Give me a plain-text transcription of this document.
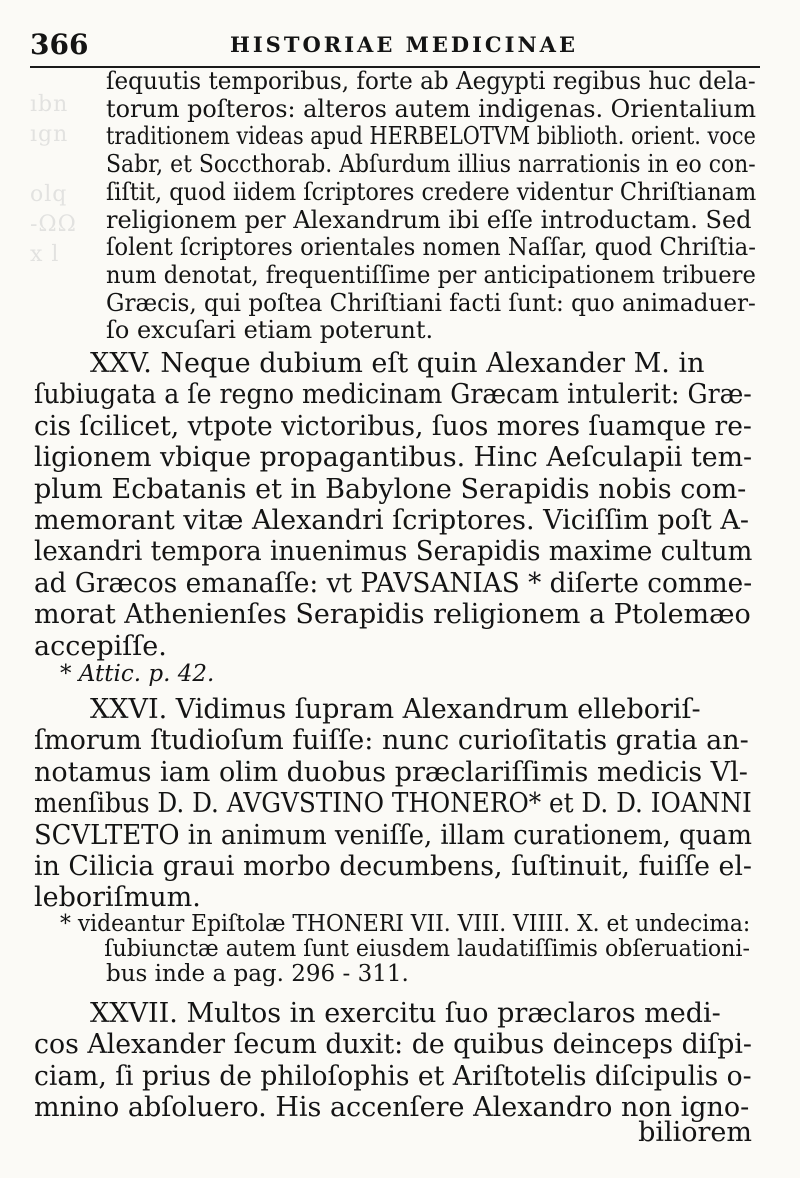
ıbn
ıgn

olq
-ΩΩ
x l
366	HISTORIAE MEDICINAE
ſequutis temporibus, forte ab Aegypti regibus huc dela-
torum poſteros: alteros autem indigenas. Orientalium
traditionem videas apud HERBELOTVM biblioth. orient. voce
Sabr, et Soccthorab. Abſurdum illius narrationis in eo con-
ſiſtit, quod iidem ſcriptores credere videntur Chriſtianam
religionem per Alexandrum ibi eſſe introductam. Sed
ſolent ſcriptores orientales nomen Naſſar, quod Chriſtia-
num denotat, frequentiſſime per anticipationem tribuere
Græcis, qui poſtea Chriſtiani facti ſunt: quo animaduer-
ſo excuſari etiam poterunt.
XXV. Neque dubium eſt quin Alexander M. in
ſubiugata a ſe regno medicinam Græcam intulerit: Græ-
cis ſcilicet, vtpote victoribus, ſuos mores ſuamque re-
ligionem vbique propagantibus. Hinc Aeſculapii tem-
plum Ecbatanis et in Babylone Serapidis nobis com-
memorant vitæ Alexandri ſcriptores. Viciſſim poſt A-
lexandri tempora inuenimus Serapidis maxime cultum
ad Græcos emanaſſe: vt PAVSANIAS * diſerte comme-
morat Athenienſes Serapidis religionem a Ptolemæo
accepiſſe.
* Attic. p. 42.
XXVI. Vidimus ſupram Alexandrum elleboriſ-
ſmorum ſtudioſum fuiſſe: nunc curioſitatis gratia an-
notamus iam olim duobus præclariſſimis medicis Vl-
menſibus D. D. AVGVSTINO THONERO* et D. D. IOANNI
SCVLTETO in animum veniſſe, illam curationem, quam
in Cilicia graui morbo decumbens, ſuſtinuit, fuiſſe el-
leboriſmum.
* videantur Epiſtolæ THONERI VII. VIII. VIIII. X. et undecima:
ſubiunctæ autem ſunt eiusdem laudatiſſimis obſeruationi-
bus inde a pag. 296 - 311.
XXVII. Multos in exercitu ſuo præclaros medi-
cos Alexander ſecum duxit: de quibus deinceps diſpi-
ciam, ſi prius de philoſophis et Ariſtotelis diſcipulis o-
mnino abſoluero. His accenſere Alexandro non igno-
biliorem
